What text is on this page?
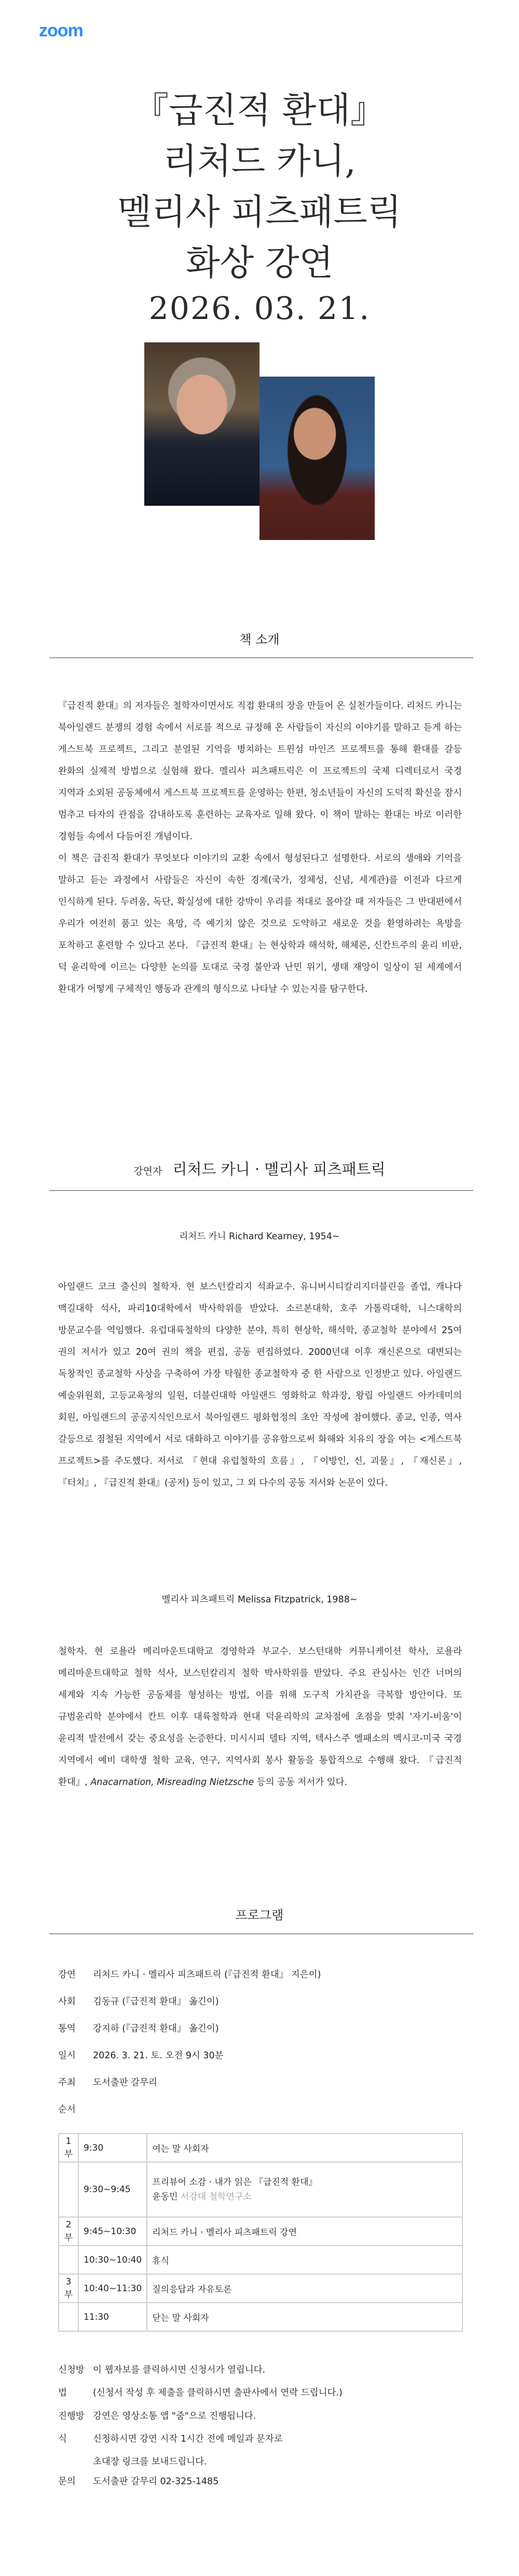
zoom
『급진적 환대』
리처드 카니,
멜리사 피츠패트릭
화상 강연
2026. 03. 21.
책 소개

『급진적 환대』의 저자들은 철학자이면서도 직접 환대의 장을 만들어 온 실천가들이다. 리처드 카니는 북아일랜드 분쟁의 경험 속에서 서로를 적으로 규정해 온 사람들이 자신의 이야기를 말하고 듣게 하는 게스트북 프로젝트, 그리고 분열된 기억을 병치하는 트윈섬 마인즈 프로젝트를 통해 환대를 갈등 완화의 실제적 방법으로 실험해 왔다. 멜리사 피츠패트릭은 이 프로젝트의 국제 디렉터로서 국경 지역과 소외된 공동체에서 게스트북 프로젝트를 운영하는 한편, 청소년들이 자신의 도덕적 확신을 잠시 멈추고 타자의 관점을 감내하도록 훈련하는 교육자로 일해 왔다. 이 책이 말하는 환대는 바로 이러한 경험들 속에서 다듬어진 개념이다.

이 책은 급진적 환대가 무엇보다 이야기의 교환 속에서 형성된다고 설명한다. 서로의 생애와 기억을 말하고 듣는 과정에서 사람들은 자신이 속한 경계(국가, 정체성, 신념, 세계관)를 이전과 다르게 인식하게 된다. 두려움, 독단, 확실성에 대한 강박이 우리를 적대로 몰아갈 때 저자들은 그 반대편에서 우리가 여전히 품고 있는 욕망, 즉 예기치 않은 것으로 도약하고 새로운 것을 환영하려는 욕망을 포착하고 훈련할 수 있다고 본다. 『급진적 환대』는 현상학과 해석학, 해체론, 신칸트주의 윤리 비판, 덕 윤리학에 이르는 다양한 논의를 토대로 국경 불안과 난민 위기, 생태 재앙이 일상이 된 세계에서 환대가 어떻게 구체적인 행동과 관계의 형식으로 나타날 수 있는지를 탐구한다.

강연자 리처드 카니 · 멜리사 피츠패트릭
리처드 카니 Richard Kearney, 1954~

아일랜드 코크 출신의 철학자. 현 보스턴칼리지 석좌교수. 유니버시티칼리지더블린을 졸업, 캐나다 맥길대학 석사, 파리10대학에서 박사학위를 받았다. 소르본대학, 호주 가톨릭대학, 니스대학의 방문교수를 역임했다. 유럽대륙철학의 다양한 분야, 특히 현상학, 해석학, 종교철학 분야에서 25여 권의 저서가 있고 20여 권의 책을 편집, 공동 편집하였다. 2000년대 이후 재신론으로 대변되는 독창적인 종교철학 사상을 구축하여 가장 탁월한 종교철학자 중 한 사람으로 인정받고 있다. 아일랜드 예술위원회, 고등교육청의 일원, 더블린대학 아일랜드 영화학교 학과장, 왕립 아일랜드 아카데미의 회원, 아일랜드의 공공지식인으로서 북아일랜드 평화협정의 초안 작성에 참여했다. 종교, 인종, 역사 갈등으로 점철된 지역에서 서로 대화하고 이야기를 공유함으로써 화해와 치유의 장을 여는 <게스트북 프로젝트>를 주도했다. 저서로 『현대 유럽철학의 흐름』, 『이방인, 신, 괴물』, 『재신론』, 『터치』, 『급진적 환대』(공저) 등이 있고, 그 외 다수의 공동 저서와 논문이 있다.

멜리사 피츠패트릭 Melissa Fitzpatrick, 1988~

철학자. 현 로욜라 메리마운트대학교 경영학과 부교수. 보스턴대학 커뮤니케이션 학사, 로욜라 메리마운트대학교 철학 석사, 보스턴칼리지 철학 박사학위를 받았다. 주요 관심사는 인간 너머의 세계와 지속 가능한 공동체를 형성하는 방법, 이를 위해 도구적 가치관을 극복할 방안이다. 또 규범윤리학 분야에서 칸트 이후 대륙철학과 현대 덕윤리학의 교차점에 초점을 맞춰 '자기-비움'이 윤리적 발전에서 갖는 중요성을 논증한다. 미시시피 델타 지역, 텍사스주 엘패소의 멕시코-미국 국경 지역에서 예비 대학생 철학 교육, 연구, 지역사회 봉사 활동을 통합적으로 수행해 왔다. 『급진적 환대』, Anacarnation, Misreading Nietzsche 등의 공동 저서가 있다.

프로그램
강연 리처드 카니 · 멜리사 피츠패트릭 (『급진적 환대』 지은이)
사회 김동규 (『급진적 환대』 옮긴이)
통역 강지하 (『급진적 환대』 옮긴이)
일시 2026. 3. 21. 토. 오전 9시 30분
주최 도서출판 갈무리
순서
1부	9:30	여는 말 사회자
	9:30~9:45	프리뷰어 소감 · 내가 읽은 『급진적 환대』
윤동민 서강대 철학연구소

2부	9:45~10:30	리처드 카니 · 멜리사 피츠패트릭 강연
	10:30~10:40	휴식
3부	10:40~11:30	질의응답과 자유토론
	11:30	닫는 말 사회자
신청방법
이 웹자보를 클릭하시면 신청서가 열립니다.
(신청서 작성 후 제출을 클릭하시면 출판사에서 연락 드립니다.)
진행방식
강연은 영상소통 앱 "줌"으로 진행됩니다.
신청하시면 강연 시작 1시간 전에 메일과 문자로
초대장 링크를 보내드립니다.
문의 도서출판 갈무리 02-325-1485
